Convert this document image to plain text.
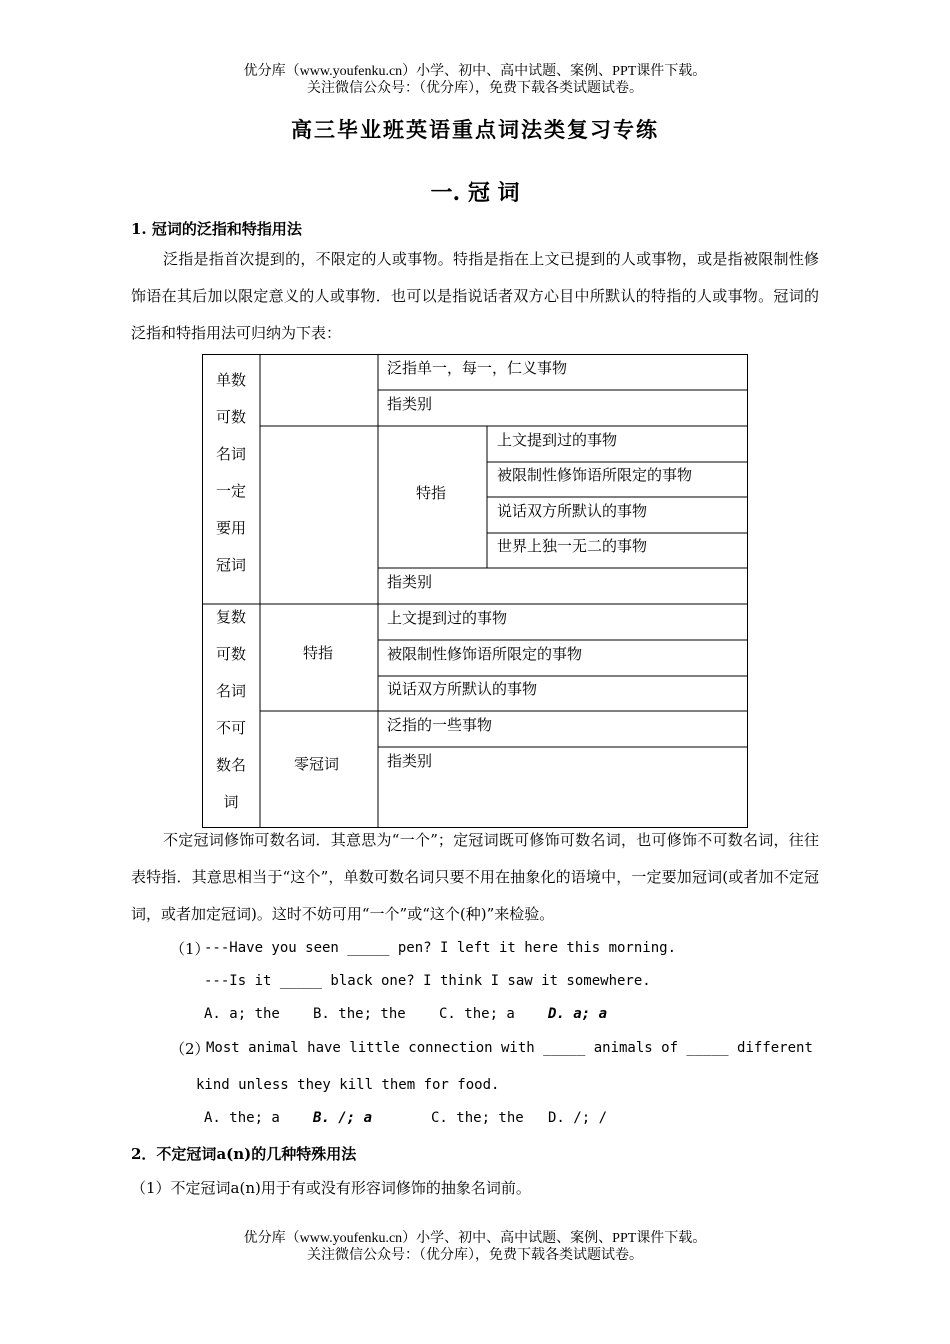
优分库（www.youfenku.cn）小学、初中、高中试题、案例、PPT课件下载。
关注微信公众号：（优分库），免费下载各类试题试卷。
高三毕业班英语重点词法类复习专练
一. 冠 词
1. 冠词的泛指和特指用法

泛指是指首次提到的，不限定的人或事物。特指是指在上文已提到的人或事物，或是指被限制性修饰语在其后加以限定意义的人或事物．也可以是指说话者双方心目中所默认的特指的人或事物。冠词的泛指和特指用法可归纳为下表：

单数
可数
名词
一定
要用
冠词
复数
可数
名词
不可
数名
词
特指
特指
零冠词
泛指单一，每一，仁义事物
指类别
上文提到过的事物
被限制性修饰语所限定的事物
说话双方所默认的事物
世界上独一无二的事物
指类别
上文提到过的事物
被限制性修饰语所限定的事物
说话双方所默认的事物
泛指的一些事物
指类别

不定冠词修饰可数名词．其意思为“一个”；定冠词既可修饰可数名词，也可修饰不可数名词，往往表特指．其意思相当于“这个”，单数可数名词只要不用在抽象化的语境中，一定要加冠词(或者加不定冠词，或者加定冠词)。这时不妨可用“一个”或“这个(种)”来检验。

（1）
---Have you seen _____ pen? I left it here this morning.
---Is it _____ black one? I think I saw it somewhere.
A. a; the B. the; the C. the; a D. a; a
（2）
Most animal have little connection with _____ animals of _____ different
kind unless they kill them for food.
A. the; a B. /; a	C. the; the D. /; /
2．不定冠词a(n)的几种特殊用法
（1）不定冠词a(n)用于有或没有形容词修饰的抽象名词前。
优分库（www.youfenku.cn）小学、初中、高中试题、案例、PPT课件下载。
关注微信公众号：（优分库），免费下载各类试题试卷。
